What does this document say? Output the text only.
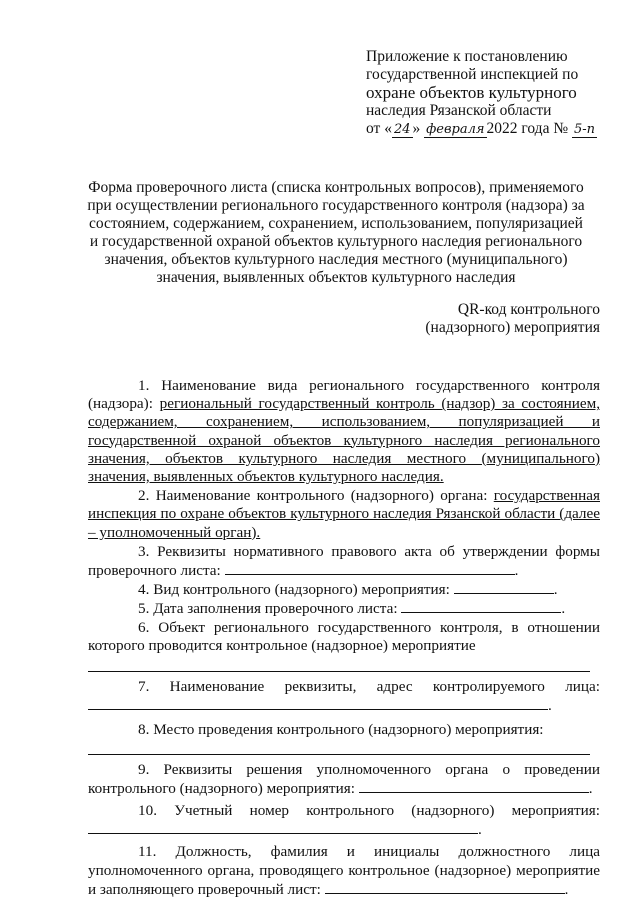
Приложение к постановлению
государственной инспекцией по
охране объектов культурного
наследия Рязанской области
от « 24 » февраля 2022 года № 5-п
Форма проверочного листа (списка контрольных вопросов), применяемого при осуществлении регионального государственного контроля (надзора) за состоянием, содержанием, сохранением, использованием, популяризацией и государственной охраной объектов культурного наследия регионального значения, объектов культурного наследия местного (муниципального) значения, выявленных объектов культурного наследия
QR-код контрольного
(надзорного) мероприятия
1. Наименование вида регионального государственного контроля (надзора): региональный государственный контроль (надзор) за состоянием, содержанием, сохранением, использованием, популяризацией и государственной охраной объектов культурного наследия регионального значения, объектов культурного наследия местного (муниципального) значения, выявленных объектов культурного наследия.
2. Наименование контрольного (надзорного) органа: государственная инспекция по охране объектов культурного наследия Рязанской области (далее – уполномоченный орган).
3. Реквизиты нормативного правового акта об утверждении формы проверочного листа:	.
4. Вид контрольного (надзорного) мероприятия:	.
5. Дата заполнения проверочного листа:	.
6. Объект регионального государственного контроля, в отношении которого проводится контрольное (надзорное) мероприятие
7. Наименование реквизиты, адрес контролируемого лица: .
8. Место проведения контрольного (надзорного) мероприятия:
9. Реквизиты решения уполномоченного органа о проведении контрольного (надзорного) мероприятия:	.
10. Учетный номер контрольного (надзорного) мероприятия: .
11. Должность, фамилия и инициалы должностного лица уполномоченного органа, проводящего контрольное (надзорное) мероприятие и заполняющего проверочный лист:	.
